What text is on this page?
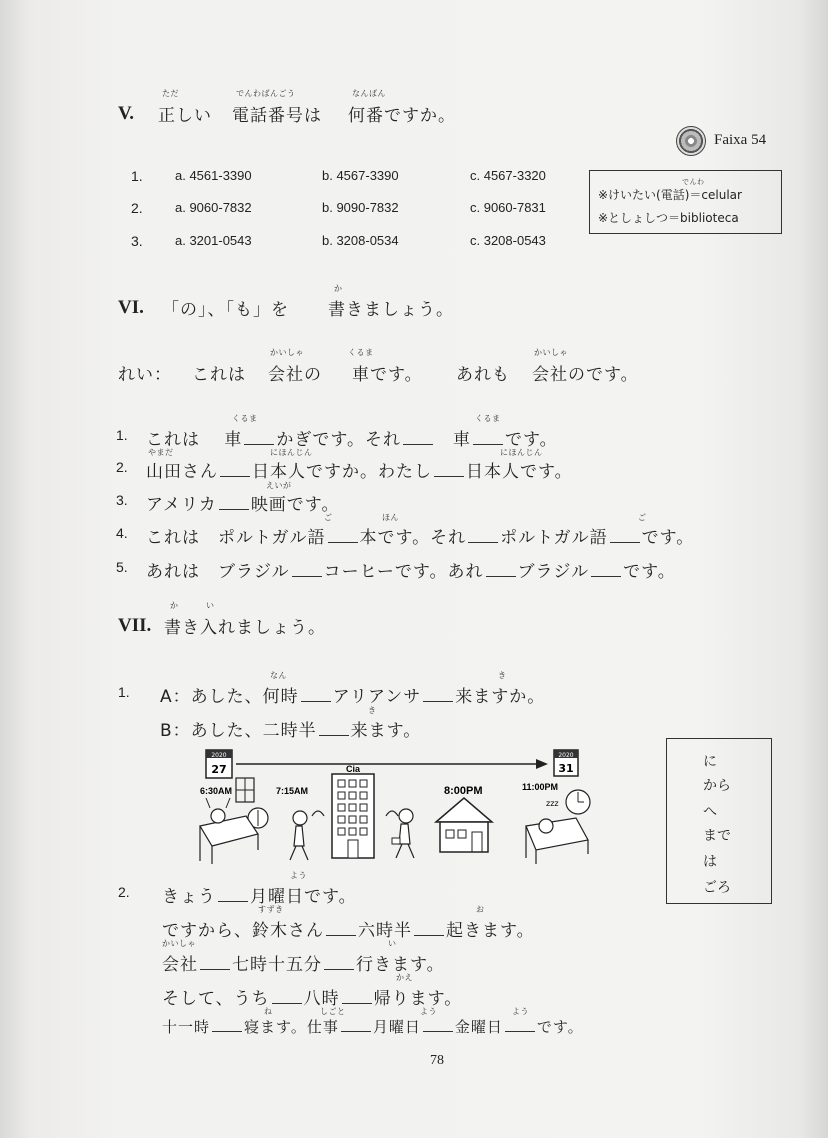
V.
ただ
正しい
でんわばんごう
電話番号は
なんばん
何番ですか。
Faixa 54
1. a. 4561-3390	b. 4567-3390	c. 4567-3320
2. a. 9060-7832	b. 9090-7832	c. 9060-7831
3. a. 3201-0543	b. 3208-0534	c. 3208-0543
でんわ
※けいたい(電話)＝celular
※としょしつ＝biblioteca
VI. 「の」、「も」を
か
書きましょう。
れい： これは
かいしゃ
会社の
くるま
車です。 あれも
かいしゃ
会社のです。
1.
くるま	くるま
これは　 車 かぎです。それ　	車 です。
2.
やまだ	にほんじん	にほんじん
山田さん 日本人ですか。わたし 日本人です。
3.
えいが
アメリカ 映画です。
4.
ご	ほん	ご
これは　ポルトガル語 本です。それ ポルトガル語 です。
5. あれは　ブラジル コーヒーです。あれ ブラジル です。
VII.
か	い
書き入れましょう。
1.
なん	き
A：あした、何時 アリアンサ 来ますか。
き
B：あした、二時半 来ます。
2020
27
2020
31
6:30AM	7:15AM	8:00PM	11:00PM
Cia
zzz
に
から
へ
まで
は
ごろ
2.
よう
きょう 月曜日です。
すずき	お
ですから、鈴木さん 六時半 起きます。
かいしゃ	い
会社 七時十五分 行きます。
かえ
そして、うち 八時 帰ります。
ね	しごと	よう	よう
十一時 寝ます。仕事 月曜日 金曜日 です。
78
